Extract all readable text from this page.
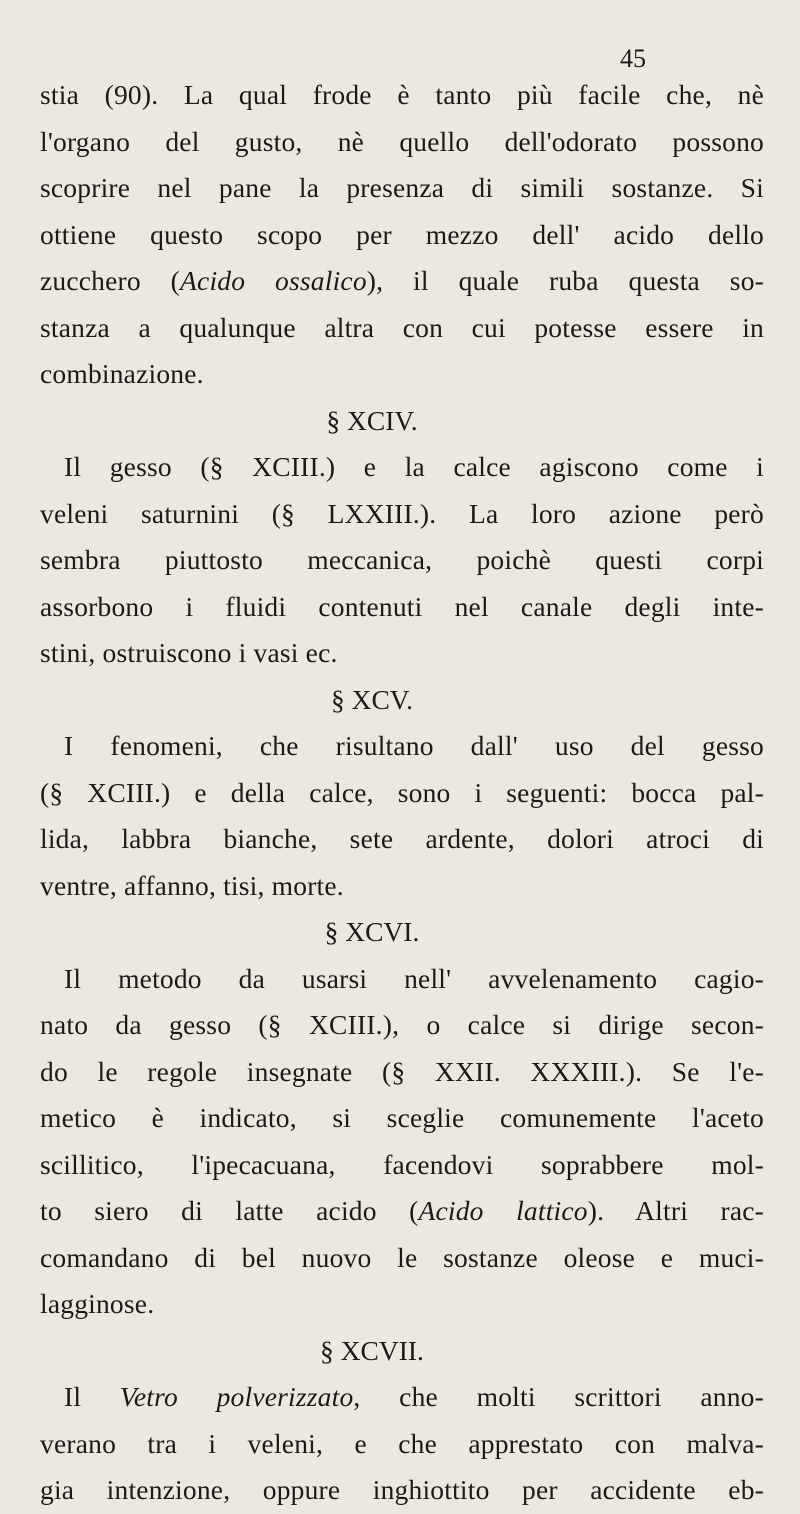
45
stia (90). La qual frode è tanto più facile che, nè
l'organo del gusto, nè quello dell'odorato possono
scoprire nel pane la presenza di simili sostanze. Si
ottiene questo scopo per mezzo dell' acido dello
zucchero (Acido ossalico), il quale ruba questa so-
stanza a qualunque altra con cui potesse essere in
combinazione.
§ XCIV.
Il gesso (§ XCIII.) e la calce agiscono come i
veleni saturnini (§ LXXIII.). La loro azione però
sembra piuttosto meccanica, poichè questi corpi
assorbono i fluidi contenuti nel canale degli inte-
stini, ostruiscono i vasi ec.
§ XCV.
I fenomeni, che risultano dall' uso del gesso
(§ XCIII.) e della calce, sono i seguenti: bocca pal-
lida, labbra bianche, sete ardente, dolori atroci di
ventre, affanno, tisi, morte.
§ XCVI.
Il metodo da usarsi nell' avvelenamento cagio-
nato da gesso (§ XCIII.), o calce si dirige secon-
do le regole insegnate (§ XXII. XXXIII.). Se l'e-
metico è indicato, si sceglie comunemente l'aceto
scillitico, l'ipecacuana, facendovi soprabbere mol-
to siero di latte acido (Acido lattico). Altri rac-
comandano di bel nuovo le sostanze oleose e muci-
lagginose.
§ XCVII.
Il Vetro polverizzato, che molti scrittori anno-
verano tra i veleni, e che apprestato con malva-
gia intenzione, oppure inghiottito per accidente eb-
